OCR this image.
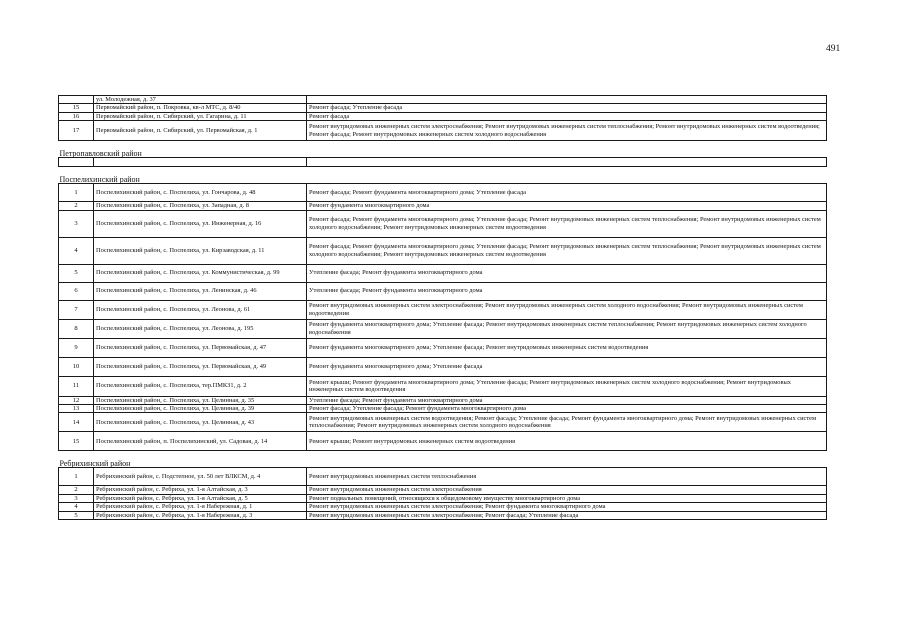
491
	ул. Молодежная, д. 37	
15	Первомайский район, п. Покровка, кв-л МТС, д. 8/40	Ремонт фасада; Утепление фасада
16	Первомайский район, п. Сибирский, ул. Гагарина, д. 11	Ремонт фасада
17	Первомайский район, п. Сибирский, ул. Первомайская, д. 1	Ремонт внутридомовых инженерных систем электроснабжения; Ремонт внутридомовых инженерных систем теплоснабжения; Ремонт внутридомовых инженерных систем водоотведения; Ремонт фасада; Ремонт внутридомовых инженерных систем холодного водоснабжения
Петропавловский район		

Поспелихинский район		
1	Поспелихинский район, с. Поспелиха, ул. Гончарова, д. 48	Ремонт фасада; Ремонт фундамента многоквартирного дома; Утепление фасада
2	Поспелихинский район, с. Поспелиха, ул. Западная, д. 8	Ремонт фундамента многоквартирного дома
3	Поспелихинский район, с. Поспелиха, ул. Инженерная, д. 16	Ремонт фасада; Ремонт фундамента многоквартирного дома; Утепление фасада; Ремонт внутридомовых инженерных систем теплоснабжения; Ремонт внутридомовых инженерных систем холодного водоснабжения; Ремонт внутридомовых инженерных систем водоотведения
4	Поспелихинский район, с. Поспелиха, ул. Кирзаводская, д. 11	Ремонт фасада; Ремонт фундамента многоквартирного дома; Утепление фасада; Ремонт внутридомовых инженерных систем теплоснабжения; Ремонт внутридомовых инженерных систем холодного водоснабжения; Ремонт внутридомовых инженерных систем водоотведения
5	Поспелихинский район, с. Поспелиха, ул. Коммунистическая, д. 99	Утепление фасада; Ремонт фундамента многоквартирного дома
6	Поспелихинский район, с. Поспелиха, ул. Ленинская, д. 46	Утепление фасада; Ремонт фундамента многоквартирного дома
7	Поспелихинский район, с. Поспелиха, ул. Леонова, д. 61	Ремонт внутридомовых инженерных систем электроснабжения; Ремонт внутридомовых инженерных систем холодного водоснабжения; Ремонт внутридомовых инженерных систем водоотведения
8	Поспелихинский район, с. Поспелиха, ул. Леонова, д. 195	Ремонт фундамента многоквартирного дома; Утепление фасада; Ремонт внутридомовых инженерных систем теплоснабжения; Ремонт внутридомовых инженерных систем холодного водоснабжения
9	Поспелихинский район, с. Поспелиха, ул. Первомайская, д. 47	Ремонт фундамента многоквартирного дома; Утепление фасада; Ремонт внутридомовых инженерных систем водоотведения
10	Поспелихинский район, с. Поспелиха, ул. Первомайская, д. 49	Ремонт фундамента многоквартирного дома; Утепление фасада
11	Поспелихинский район, с. Поспелиха, тер.ПМКЗ1, д. 2	Ремонт крыши; Ремонт фундамента многоквартирного дома; Утепление фасада; Ремонт внутридомовых инженерных систем холодного водоснабжения; Ремонт внутридомовых инженерных систем водоотведения
12	Поспелихинский район, с. Поспелиха, ул. Целинная, д. 35	Утепление фасада; Ремонт фундамента многоквартирного дома
13	Поспелихинский район, с. Поспелиха, ул. Целинная, д. 39	Ремонт фасада; Утепление фасада; Ремонт фундамента многоквартирного дома
14	Поспелихинский район, с. Поспелиха, ул. Целинная, д. 43	Ремонт внутридомовых инженерных систем водоотведения; Ремонт фасада; Утепление фасада; Ремонт фундамента многоквартирного дома; Ремонт внутридомовых инженерных систем теплоснабжения; Ремонт внутридомовых инженерных систем холодного водоснабжения
15	Поспелихинский район, п. Поспелихинский, ул. Садовая, д. 14	Ремонт крыши; Ремонт внутридомовых инженерных систем водоотведения
Ребрихинский район		
1	Ребрихинский район, с. Подстепное, ул. 50 лет ВЛКСМ, д. 4	Ремонт внутридомовых инженерных систем теплоснабжения
2	Ребрихинский район, с. Ребриха, ул. 1-я Алтайская, д. 3	Ремонт внутридомовых инженерных систем электроснабжения
3	Ребрихинский район, с. Ребриха, ул. 1-я Алтайская, д. 5	Ремонт подвальных помещений, относящихся к общедомовому имуществу многоквартирного дома
4	Ребрихинский район, с. Ребриха, ул. 1-я Набережная, д. 1	Ремонт внутридомовых инженерных систем электроснабжения; Ремонт фундамента многоквартирного дома
5	Ребрихинский район, с. Ребриха, ул. 1-я Набережная, д. 3	Ремонт внутридомовых инженерных систем электроснабжения; Ремонт фасада; Утепление фасада
